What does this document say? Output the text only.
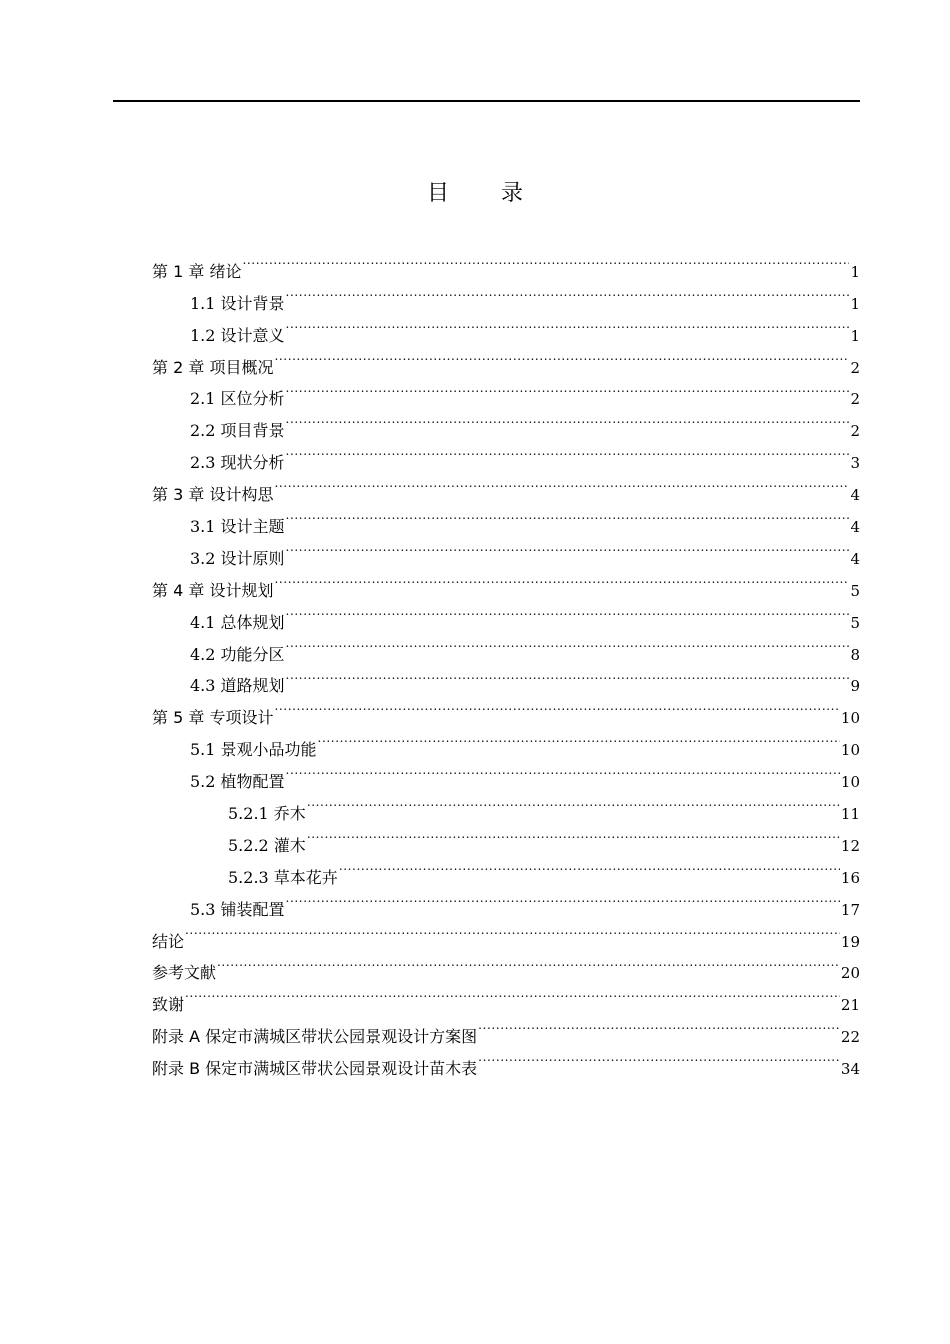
目 录
第 1 章 绪论 .....	1
1.1 设计背景 .....	1
1.2 设计意义 .....	1
第 2 章 项目概况 .....	2
2.1 区位分析 .....	2
2.2 项目背景 .....	2
2.3 现状分析 .....	3
第 3 章 设计构思 .....	4
3.1 设计主题 .....	4
3.2 设计原则 .....	4
第 4 章 设计规划 .....	5
4.1 总体规划 .....	5
4.2 功能分区 .....	8
4.3 道路规划 .....	9
第 5 章 专项设计 .....	10
5.1 景观小品功能 .....	10
5.2 植物配置 .....	10
5.2.1 乔木 .....	11
5.2.2 灌木 .....	12
5.2.3 草本花卉 .....	16
5.3 铺装配置 .....	17
结论 .....	19
参考文献 .....	20
致谢 .....	21
附录 A 保定市满城区带状公园景观设计方案图 .....	22
附录 B 保定市满城区带状公园景观设计苗木表 .....	34
